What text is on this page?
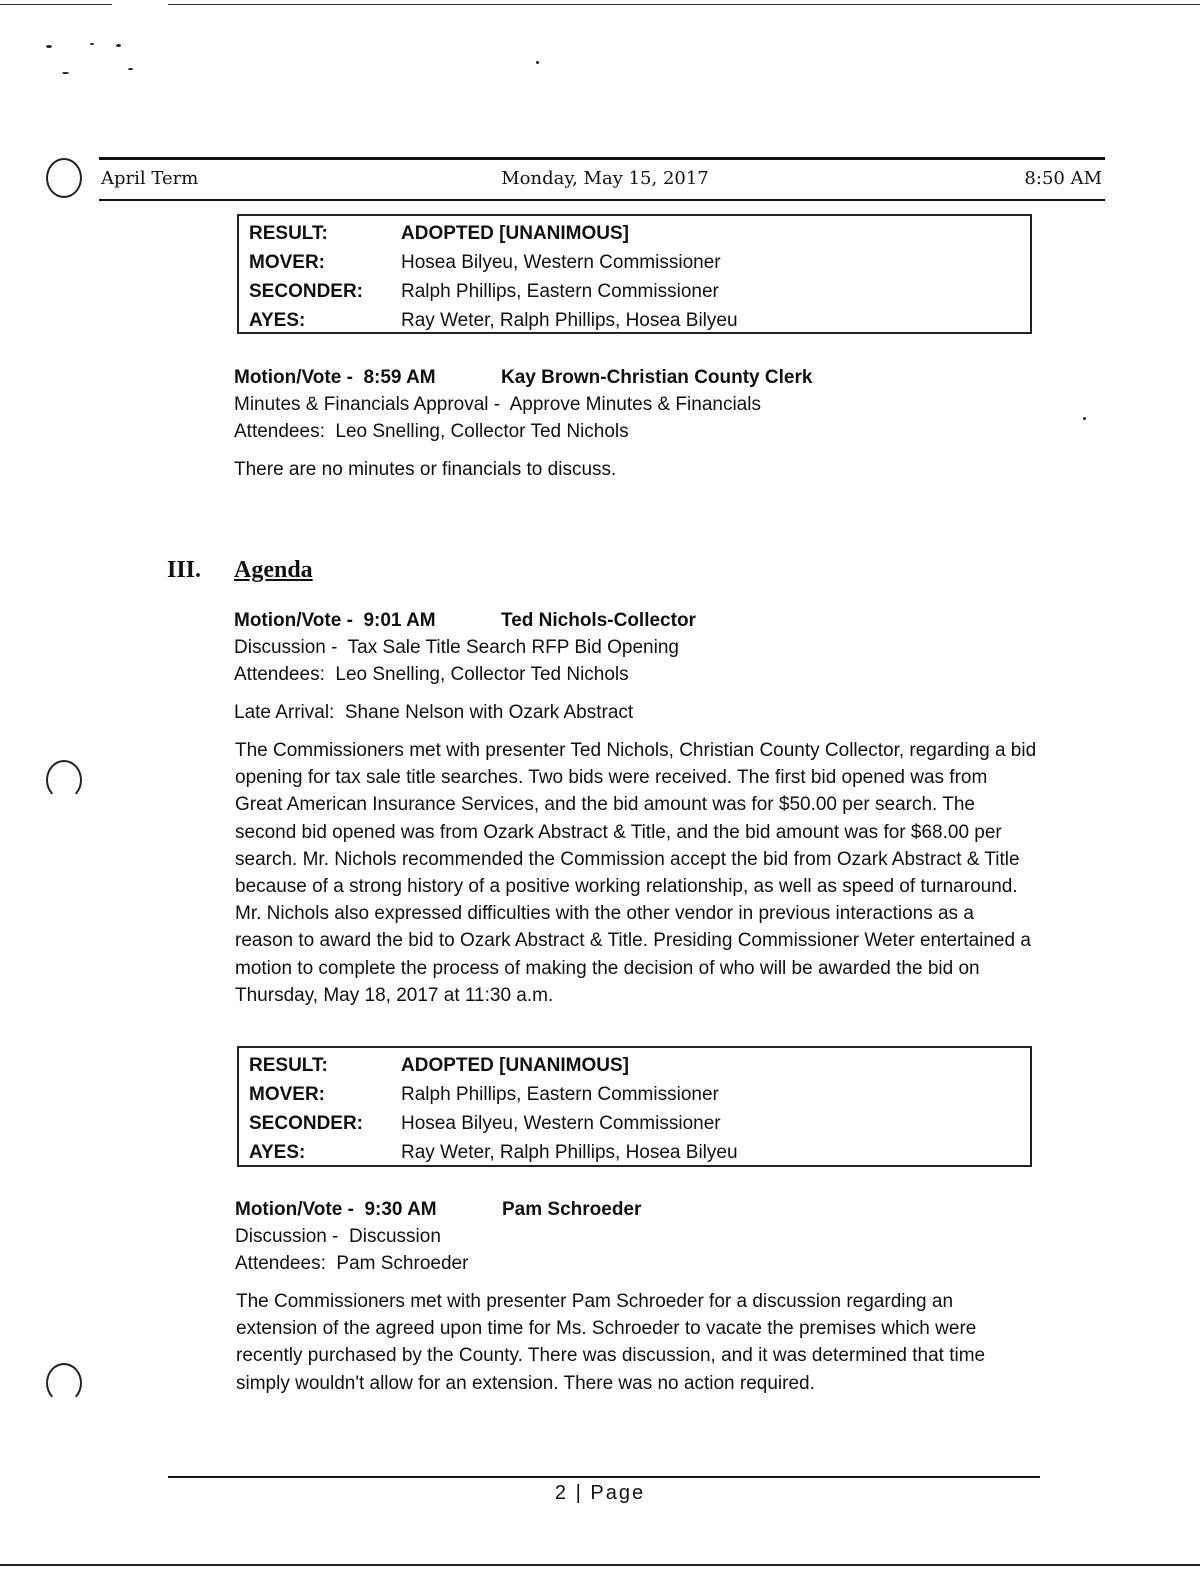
April Term	Monday, May 15, 2017	8:50 AM
RESULT:	ADOPTED [UNANIMOUS]
MOVER:	Hosea Bilyeu, Western Commissioner
SECONDER: Ralph Phillips, Eastern Commissioner
AYES:	Ray Weter, Ralph Phillips, Hosea Bilyeu
Motion/Vote - 8:59 AM	Kay Brown-Christian County Clerk
Minutes & Financials Approval -  Approve Minutes & Financials
Attendees:  Leo Snelling, Collector Ted Nichols
There are no minutes or financials to discuss.
III. Agenda
Motion/Vote - 9:01 AM	Ted Nichols-Collector
Discussion -  Tax Sale Title Search RFP Bid Opening
Attendees:  Leo Snelling, Collector Ted Nichols
Late Arrival:  Shane Nelson with Ozark Abstract
The Commissioners met with presenter Ted Nichols, Christian County Collector, regarding a bid opening for tax sale title searches. Two bids were received. The first bid opened was from Great American Insurance Services, and the bid amount was for $50.00 per search. The second bid opened was from Ozark Abstract & Title, and the bid amount was for $68.00 per search. Mr. Nichols recommended the Commission accept the bid from Ozark Abstract & Title because of a strong history of a positive working relationship, as well as speed of turnaround. Mr. Nichols also expressed difficulties with the other vendor in previous interactions as a reason to award the bid to Ozark Abstract & Title. Presiding Commissioner Weter entertained a motion to complete the process of making the decision of who will be awarded the bid on Thursday, May 18, 2017 at 11:30 a.m.
RESULT:	ADOPTED [UNANIMOUS]
MOVER:	Ralph Phillips, Eastern Commissioner
SECONDER: Hosea Bilyeu, Western Commissioner
AYES:	Ray Weter, Ralph Phillips, Hosea Bilyeu
Motion/Vote - 9:30 AM	Pam Schroeder
Discussion -  Discussion
Attendees:  Pam Schroeder
The Commissioners met with presenter Pam Schroeder for a discussion regarding an extension of the agreed upon time for Ms. Schroeder to vacate the premises which were recently purchased by the County. There was discussion, and it was determined that time simply wouldn't allow for an extension. There was no action required.
2 | Page
